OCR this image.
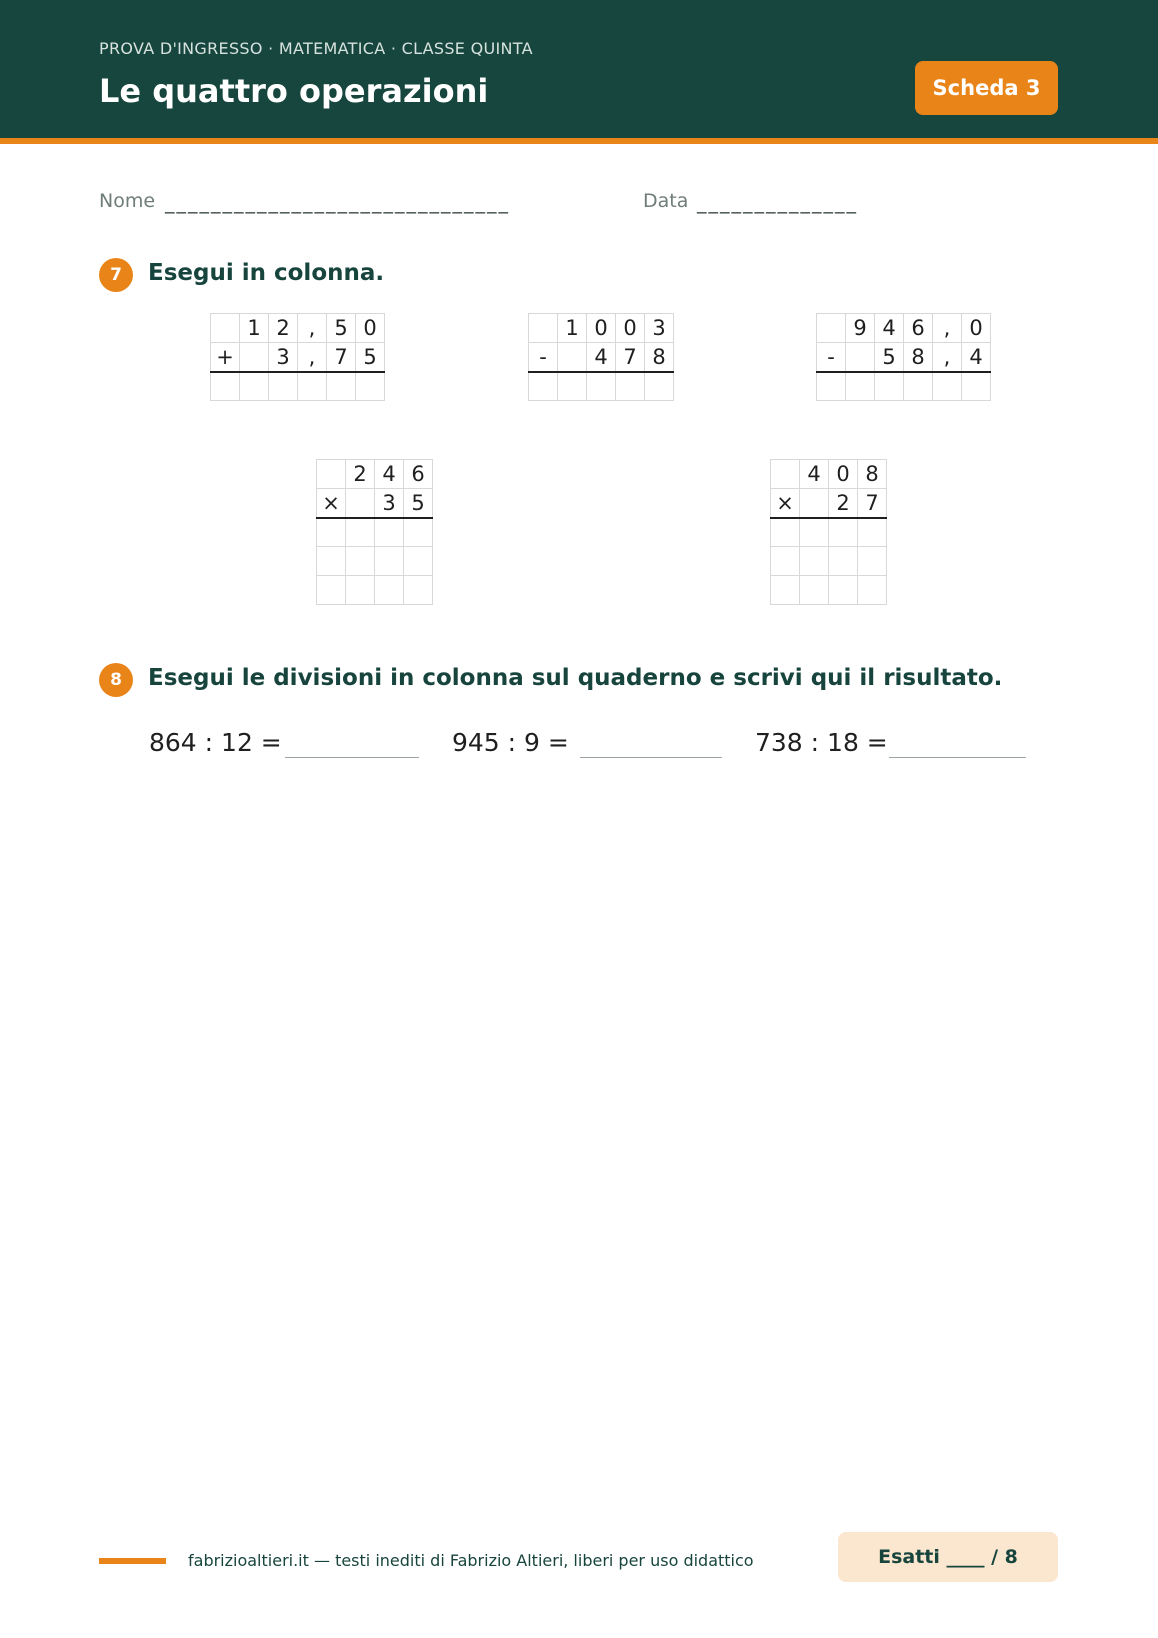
PROVA D'INGRESSO · MATEMATICA · CLASSE QUINTA
Le quattro operazioni	Scheda 3
Nome ______________________________	Data ______________
7	Esegui in colonna.
	1	2	,	5	0
+		3	,	7	5

	1	0	0	3
-		4	7	8

	9	4	6	,	0
-		5	8	,	4

	2	4	6
×		3	5

	4	0	8
×		2	7

8	Esegui le divisioni in colonna sul quaderno e scrivi qui il risultato.
864 : 12 =	945 : 9 =	738 : 18 =
fabrizioaltieri.it — testi inediti di Fabrizio Altieri, liberi per uso didattico	Esatti ____ / 8
